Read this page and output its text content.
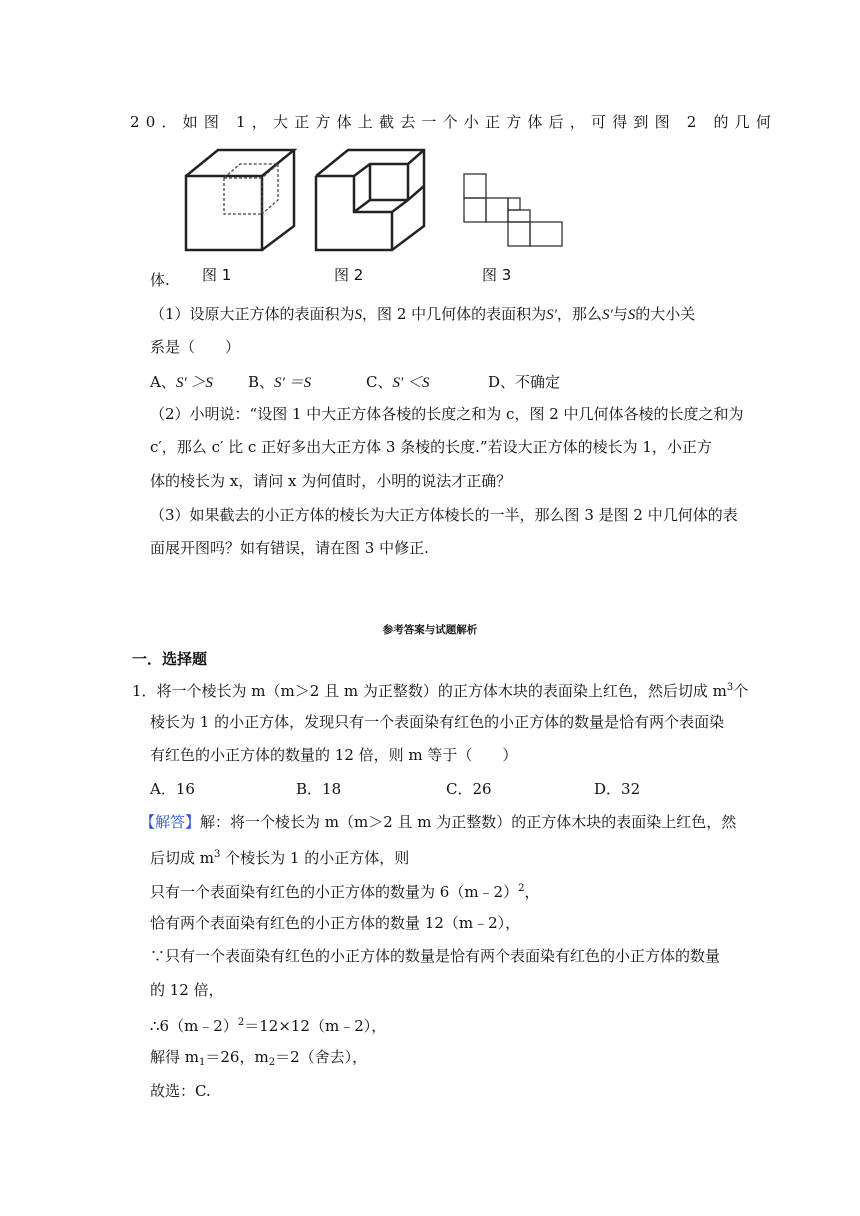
20．如图 1，大正方体上截去一个小正方体后，可得到图 2 的几何
体. 图 1	图 2	图 3
（1）设原大正方体的表面积为S，图 2 中几何体的表面积为S′，那么S′与S的大小关
系是（　　）
A、S′ ＞S B、S′ ＝S	C、S′ ＜S	D、不确定
（2）小明说：“设图 1 中大正方体各棱的长度之和为 c，图 2 中几何体各棱的长度之和为
c′，那么 c′ 比 c 正好多出大正方体 3 条棱的长度.”若设大正方体的棱长为 1，小正方
体的棱长为 x，请问 x 为何值时，小明的说法才正确？
（3）如果截去的小正方体的棱长为大正方体棱长的一半，那么图 3 是图 2 中几何体的表
面展开图吗？如有错误，请在图 3 中修正.
参考答案与试题解析
一．选择题
1．将一个棱长为 m（m＞2 且 m 为正整数）的正方体木块的表面染上红色，然后切成 $m^3$个
棱长为 1 的小正方体，发现只有一个表面染有红色的小正方体的数量是恰有两个表面染
有红色的小正方体的数量的 12 倍，则 m 等于（　　）
A．16	B．18	C．26	D．32
【解答】解：将一个棱长为 m（m＞2 且 m 为正整数）的正方体木块的表面染上红色，然
后切成 $m^3$ 个棱长为 1 的小正方体，则
只有一个表面染有红色的小正方体的数量为 6（m﹣2）$^2$，
恰有两个表面染有红色的小正方体的数量 12（m﹣2），
∵只有一个表面染有红色的小正方体的数量是恰有两个表面染有红色的小正方体的数量
的 12 倍，
∴6（m﹣2）$^2$＝12×12（m﹣2），
解得 $m_1=26$，$m_2=2$（舍去），
故选：C.
